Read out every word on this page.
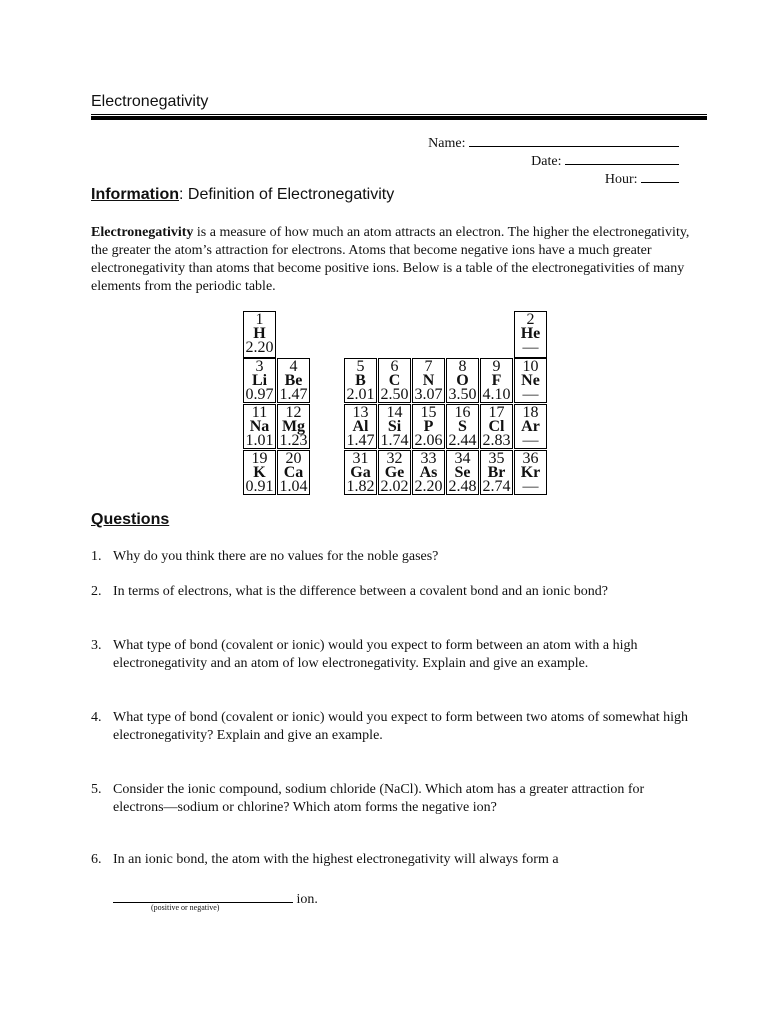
Electronegativity
Name:
Date:
Hour:
Information: Definition of Electronegativity
Electronegativity is a measure of how much an atom attracts an electron. The higher the electronegativity, the greater the atom’s attraction for electrons. Atoms that become negative ions have a much greater electronegativity than atoms that become positive ions. Below is a table of the electronegativities of many elements from the periodic table.
1
H
2.20
2
He
—
3
Li
0.97
4
Be
1.47
5
B
2.01
6
C
2.50
7
N
3.07
8
O
3.50
9
F
4.10
10
Ne
—
11
Na
1.01
12
Mg
1.23
13
Al
1.47
14
Si
1.74
15
P
2.06
16
S
2.44
17
Cl
2.83
18
Ar
—
19
K
0.91
20
Ca
1.04
31
Ga
1.82
32
Ge
2.02
33
As
2.20
34
Se
2.48
35
Br
2.74
36
Kr
—
Questions
1. Why do you think there are no values for the noble gases?
2. In terms of electrons, what is the difference between a covalent bond and an ionic bond?
3. What type of bond (covalent or ionic) would you expect to form between an atom with a high electronegativity and an atom of low electronegativity. Explain and give an example.
4. What type of bond (covalent or ionic) would you expect to form between two atoms of somewhat high electronegativity? Explain and give an example.
5. Consider the ionic compound, sodium chloride (NaCl). Which atom has a greater attraction for electrons—sodium or chlorine? Which atom forms the negative ion?
6. In an ionic bond, the atom with the highest electronegativity will always form a
ion.
(positive or negative)
